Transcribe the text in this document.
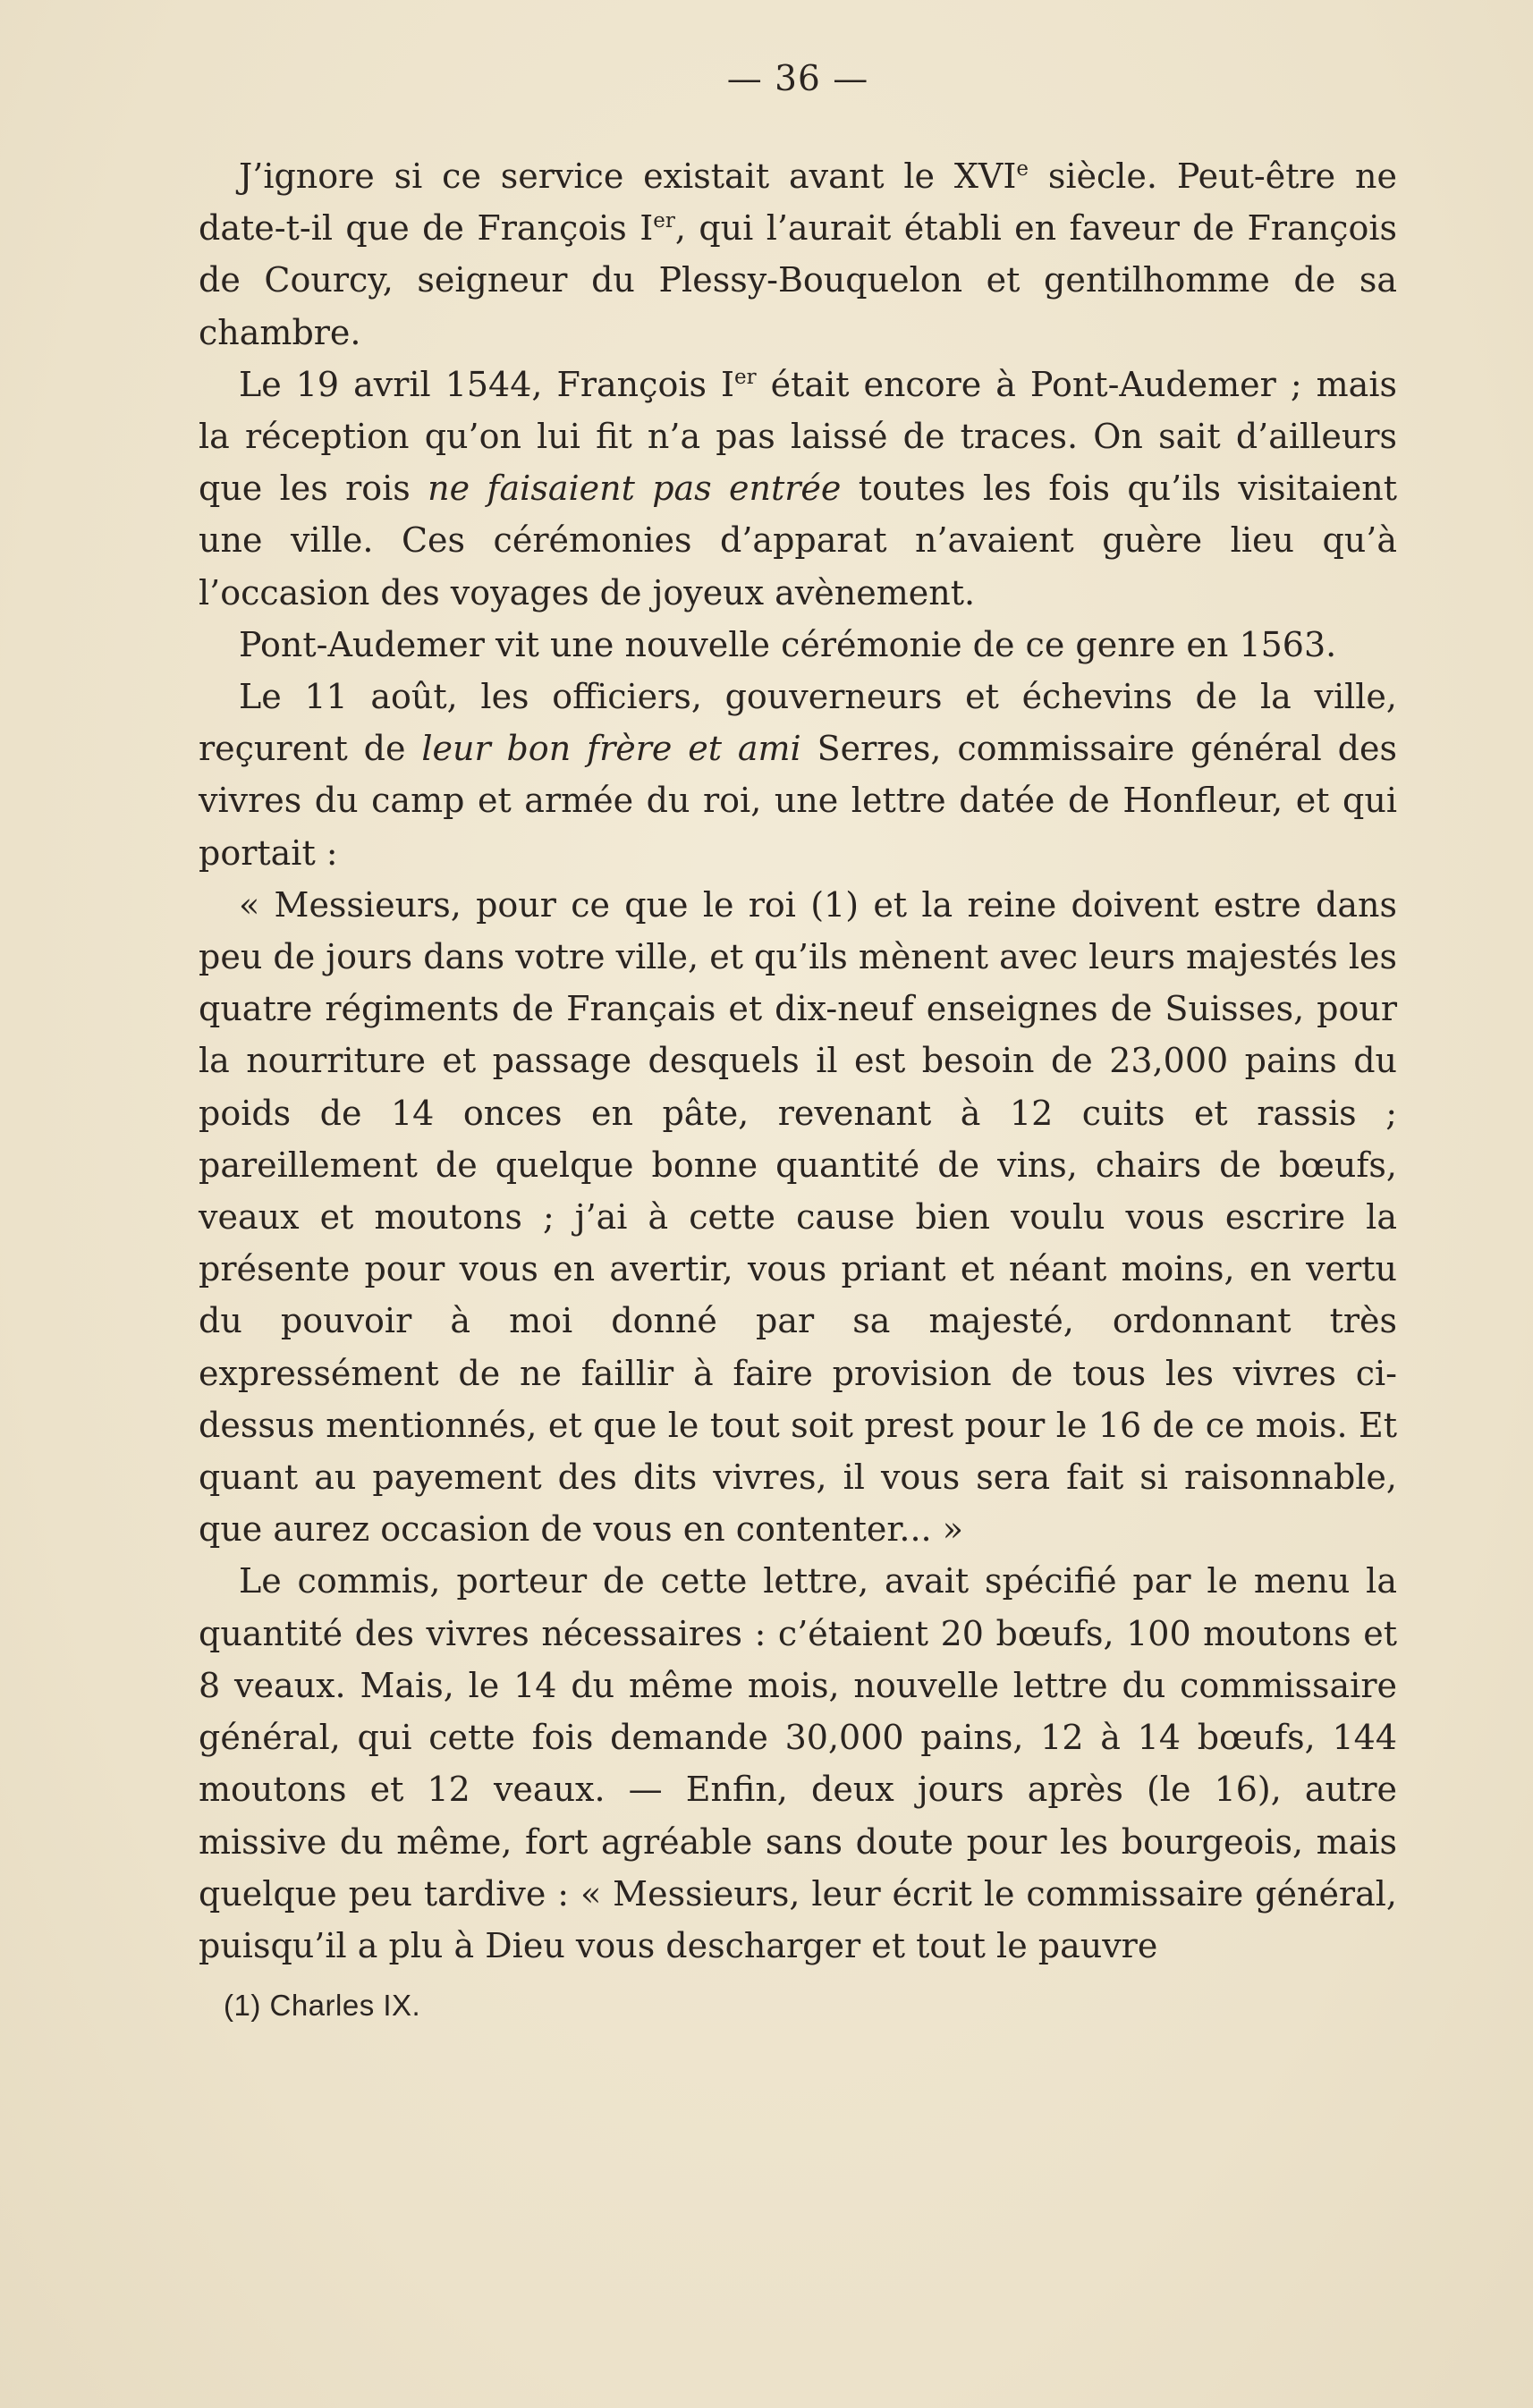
— 36 —

J’ignore si ce service existait avant le XVIe siècle. Peut-être ne date-t-il que de François Ier, qui l’aurait établi en faveur de François de Courcy, seigneur du Plessy-Bouquelon et gentilhomme de sa chambre.

Le 19 avril 1544, François Ier était encore à Pont-Audemer ; mais la réception qu’on lui fit n’a pas laissé de traces. On sait d’ailleurs que les rois ne faisaient pas entrée toutes les fois qu’ils visitaient une ville. Ces cérémonies d’apparat n’avaient guère lieu qu’à l’occasion des voyages de joyeux avènement.

Pont-Audemer vit une nouvelle cérémonie de ce genre en 1563.

Le 11 août, les officiers, gouverneurs et échevins de la ville, reçurent de leur bon frère et ami Serres, commissaire général des vivres du camp et armée du roi, une lettre datée de Honfleur, et qui portait :

« Messieurs, pour ce que le roi (1) et la reine doivent estre dans peu de jours dans votre ville, et qu’ils mènent avec leurs majestés les quatre régiments de Français et dix-neuf enseignes de Suisses, pour la nourriture et passage desquels il est besoin de 23,000 pains du poids de 14 onces en pâte, revenant à 12 cuits et rassis ; pareillement de quelque bonne quantité de vins, chairs de bœufs, veaux et moutons ; j’ai à cette cause bien voulu vous escrire la présente pour vous en avertir, vous priant et néant moins, en vertu du pouvoir à moi donné par sa majesté, ordonnant très expressément de ne faillir à faire provision de tous les vivres ci-dessus mentionnés, et que le tout soit prest pour le 16 de ce mois. Et quant au payement des dits vivres, il vous sera fait si raisonnable, que aurez occasion de vous en contenter... »

Le commis, porteur de cette lettre, avait spécifié par le menu la quantité des vivres nécessaires : c’étaient 20 bœufs, 100 moutons et 8 veaux. Mais, le 14 du même mois, nouvelle lettre du commissaire général, qui cette fois demande 30,000 pains, 12 à 14 bœufs, 144 moutons et 12 veaux. — Enfin, deux jours après (le 16), autre missive du même, fort agréable sans doute pour les bourgeois, mais quelque peu tardive : « Messieurs, leur écrit le commissaire général, puisqu’il a plu à Dieu vous descharger et tout le pauvre

(1) Charles IX.
